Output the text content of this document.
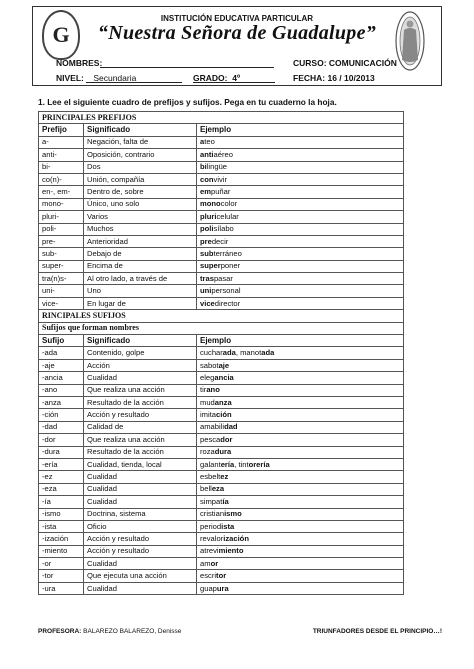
G
INSTITUCIÓN EDUCATIVA PARTICULAR
“Nuestra Señora de Guadalupe”
NOMBRES:	CURSO: COMUNICACIÓN
NIVEL: Secundaria	GRADO: 4º	FECHA: 16 / 10/2013
1. Lee el siguiente cuadro de prefijos y sufijos. Pega en tu cuaderno la hoja.
PRINCIPALES PREFIJOS		
Prefijo	Significado	Ejemplo
a-	Negación, falta de	ateo
anti-	Oposición, contrario	antiaéreo
bi-	Dos	bilingüe
co(n)-	Unión, compañía	convivir
en-, em-	Dentro de, sobre	empuñar
mono-	Único, uno solo	monocolor
pluri-	Varios	pluricelular
poli-	Muchos	polisílabo
pre-	Anterioridad	predecir
sub-	Debajo de	subterráneo
super-	Encima de	superponer
tra(n)s-	Al otro lado, a través de	traspasar
uni-	Uno	unipersonal
vice-	En lugar de	vicedirector
RINCIPALES SUFIJOS		
Sufijos que forman nombres		
Sufijo	Significado	Ejemplo
-ada	Contenido, golpe	cucharada, manotada
-aje	Acción	sabotaje
-ancia	Cualidad	elegancia
-ano	Que realiza una acción	tirano
-anza	Resultado de la acción	mudanza
-ción	Acción y resultado	imitación
-dad	Calidad de	amabilidad
-dor	Que realiza una acción	pescador
-dura	Resultado de la acción	rozadura
-ería	Cualidad, tienda, local	galantería, tintorería
-ez	Cualidad	esbeltez
-eza	Cualidad	belleza
-ía	Cualidad	simpatía
-ismo	Doctrina, sistema	cristianismo
-ista	Oficio	periodista
-ización	Acción y resultado	revalorización
-miento	Acción y resultado	atrevimiento
-or	Cualidad	amor
-tor	Que ejecuta una acción	escritor
-ura	Cualidad	guapura
PROFESORA: BALAREZO BALAREZO, Denisse	TRIUNFADORES DESDE EL PRINCIPIO…!
